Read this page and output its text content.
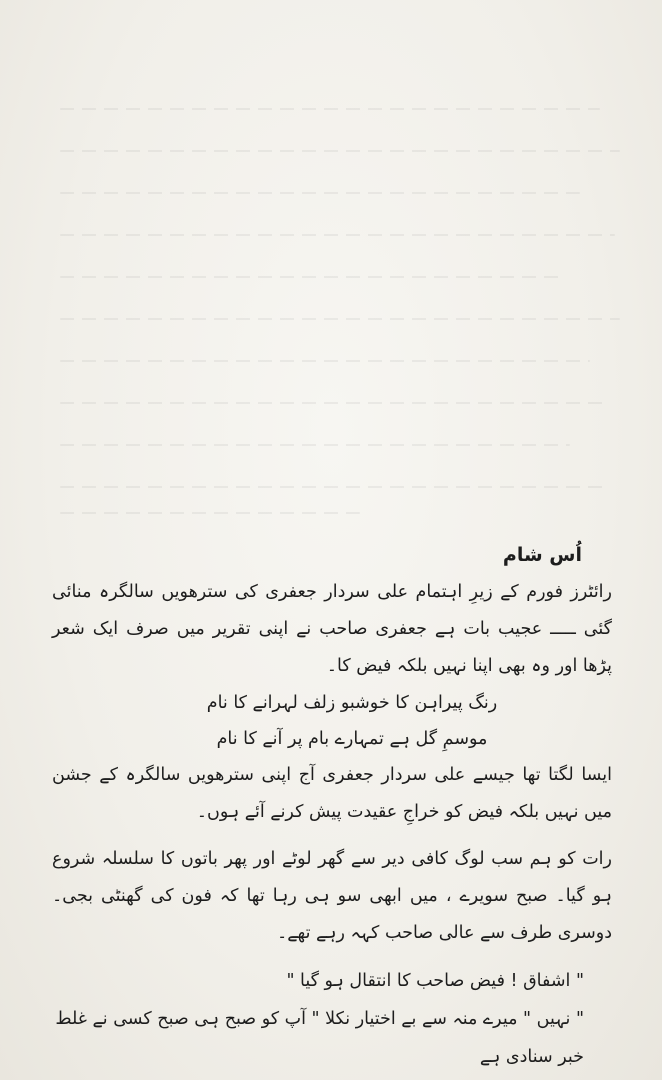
اُس شام

رائٹرز فورم کے زیرِ اہتمام علی سردار جعفری کی سترھویں سالگرہ منائی گئی ـــــ عجیب بات ہے جعفری صاحب نے اپنی تقریر میں صرف ایک شعر پڑھا اور وہ بھی اپنا نہیں بلکہ فیض کا۔

رنگ پیراہن کا خوشبو زلف لہرانے کا نام

موسمِ گل ہے تمہارے بام پر آنے کا نام

ایسا لگتا تھا جیسے علی سردار جعفری آج اپنی سترھویں سالگرہ کے جشن میں نہیں بلکہ فیض کو خراجِ عقیدت پیش کرنے آئے ہوں۔

رات کو ہم سب لوگ کافی دیر سے گھر لوٹے اور پھر باتوں کا سلسلہ شروع ہو گیا۔ صبح سویرے ، میں ابھی سو ہی رہا تھا کہ فون کی گھنٹی بجی۔ دوسری طرف سے عالی صاحب کہہ رہے تھے۔

" اشفاق ! فیض صاحب کا انتقال ہو گیا "

" نہیں " میرے منہ سے بے اختیار نکلا " آپ کو صبح ہی صبح کسی نے غلط خبر سنادی ہے
